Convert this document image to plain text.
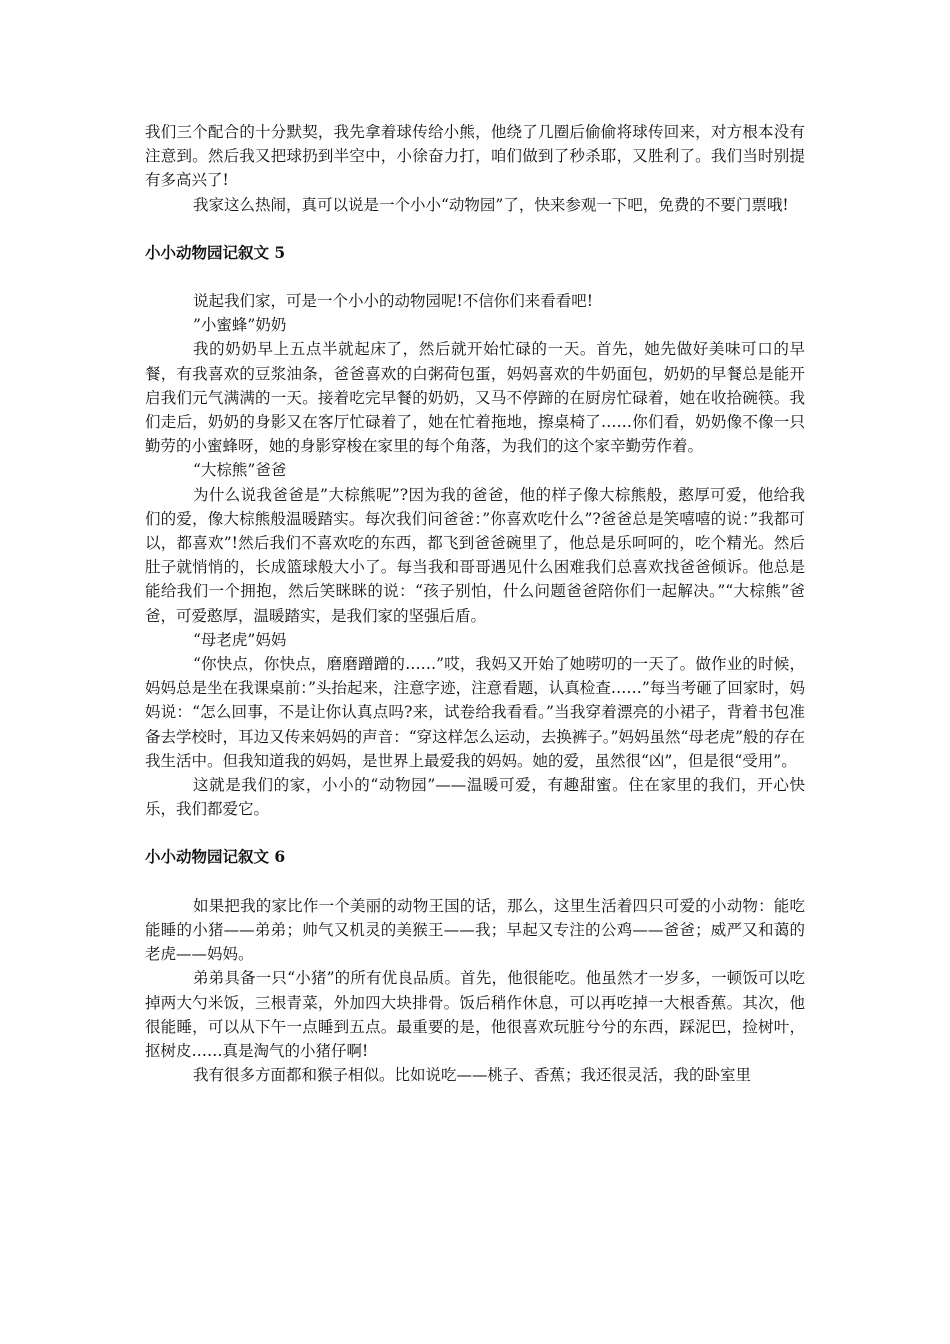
我们三个配合的十分默契，我先拿着球传给小熊，他绕了几圈后偷偷将球传回来，对方根本没有注意到。然后我又把球扔到半空中，小徐奋力打，咱们做到了秒杀耶，又胜利了。我们当时别提有多高兴了!

我家这么热闹，真可以说是一个小小“动物园”了，快来参观一下吧，免费的不要门票哦!

小小动物园记叙文 5

说起我们家，可是一个小小的动物园呢!不信你们来看看吧!

”小蜜蜂”奶奶

我的奶奶早上五点半就起床了，然后就开始忙碌的一天。首先，她先做好美味可口的早餐，有我喜欢的豆浆油条，爸爸喜欢的白粥荷包蛋，妈妈喜欢的牛奶面包，奶奶的早餐总是能开启我们元气满满的一天。接着吃完早餐的奶奶，又马不停蹄的在厨房忙碌着，她在收拾碗筷。我们走后，奶奶的身影又在客厅忙碌着了，她在忙着拖地，擦桌椅了……你们看，奶奶像不像一只勤劳的小蜜蜂呀，她的身影穿梭在家里的每个角落，为我们的这个家辛勤劳作着。

“大棕熊”爸爸

为什么说我爸爸是”大棕熊呢”?因为我的爸爸，他的样子像大棕熊般，憨厚可爱，他给我们的爱，像大棕熊般温暖踏实。每次我们问爸爸：”你喜欢吃什么”?爸爸总是笑嘻嘻的说：”我都可以，都喜欢”!然后我们不喜欢吃的东西，都飞到爸爸碗里了，他总是乐呵呵的，吃个精光。然后肚子就悄悄的，长成篮球般大小了。每当我和哥哥遇见什么困难我们总喜欢找爸爸倾诉。他总是能给我们一个拥抱，然后笑眯眯的说：“孩子别怕，什么问题爸爸陪你们一起解决。”“大棕熊”爸爸，可爱憨厚，温暖踏实，是我们家的坚强后盾。

“母老虎”妈妈

“你快点，你快点，磨磨蹭蹭的……”哎，我妈又开始了她唠叨的一天了。做作业的时候，妈妈总是坐在我课桌前：”头抬起来，注意字迹，注意看题，认真检查……”每当考砸了回家时，妈妈说：“怎么回事，不是让你认真点吗?来，试卷给我看看。”当我穿着漂亮的小裙子，背着书包准备去学校时，耳边又传来妈妈的声音：“穿这样怎么运动，去换裤子。”妈妈虽然“母老虎”般的存在我生活中。但我知道我的妈妈，是世界上最爱我的妈妈。她的爱，虽然很“凶”，但是很“受用”。

这就是我们的家，小小的“动物园”——温暖可爱，有趣甜蜜。住在家里的我们，开心快乐，我们都爱它。

小小动物园记叙文 6

如果把我的家比作一个美丽的动物王国的话，那么，这里生活着四只可爱的小动物：能吃能睡的小猪——弟弟；帅气又机灵的美猴王——我；早起又专注的公鸡——爸爸；威严又和蔼的老虎——妈妈。

弟弟具备一只“小猪”的所有优良品质。首先，他很能吃。他虽然才一岁多，一顿饭可以吃掉两大勺米饭，三根青菜，外加四大块排骨。饭后稍作休息，可以再吃掉一大根香蕉。其次，他很能睡，可以从下午一点睡到五点。最重要的是，他很喜欢玩脏兮兮的东西，踩泥巴，捡树叶，抠树皮……真是淘气的小猪仔啊!

我有很多方面都和猴子相似。比如说吃——桃子、香蕉；我还很灵活，我的卧室里
